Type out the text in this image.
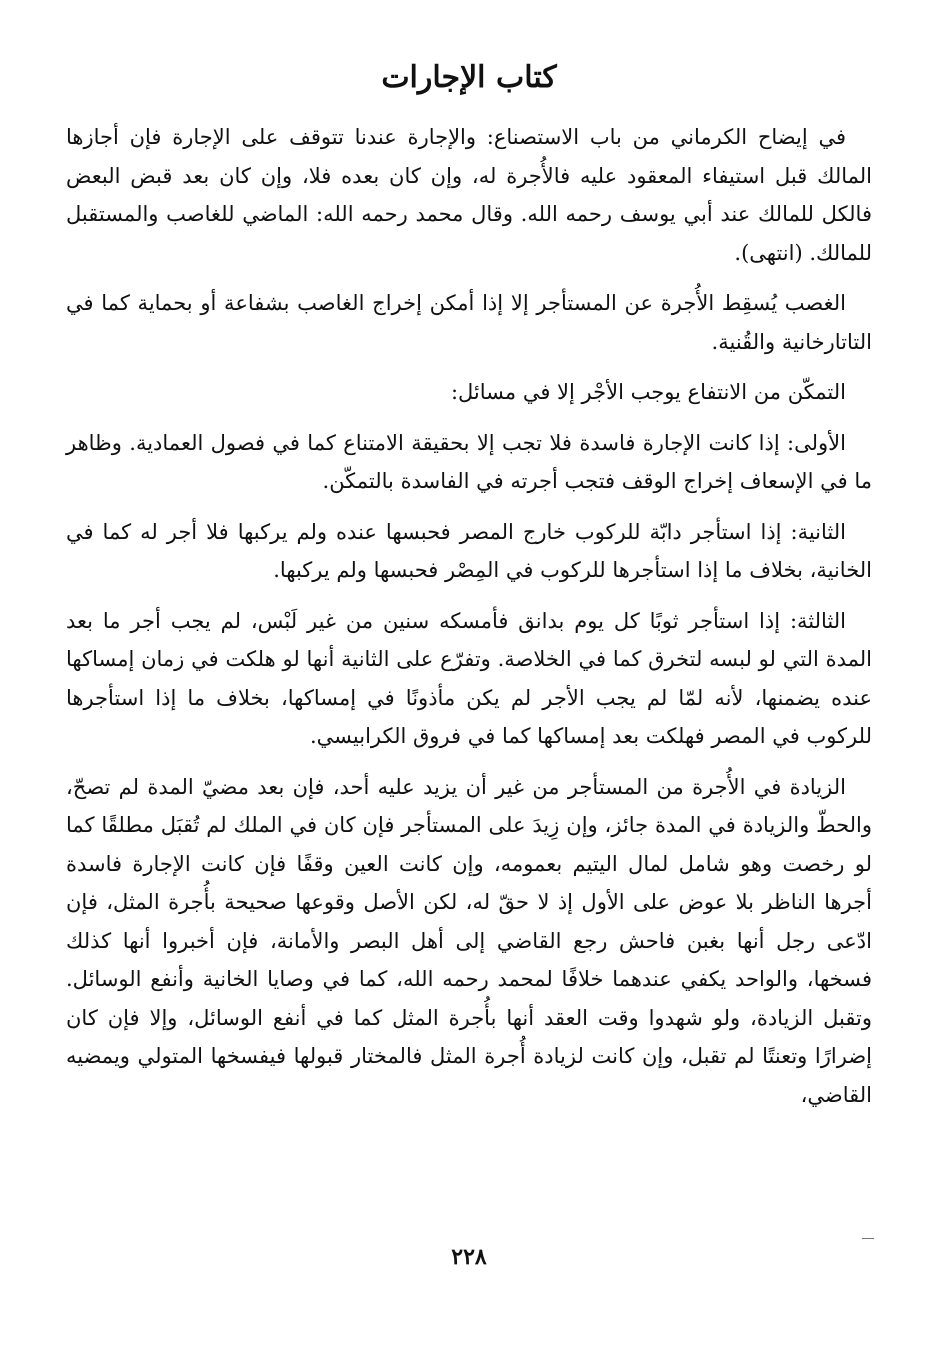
كتاب الإجارات

في إيضاح الكرماني من باب الاستصناع: والإجارة عندنا تتوقف على الإجارة فإن أجازها المالك قبل استيفاء المعقود عليه فالأُجرة له، وإن كان بعده فلا، وإن كان بعد قبض البعض فالكل للمالك عند أبي يوسف رحمه الله. وقال محمد رحمه الله: الماضي للغاصب والمستقبل للمالك. (انتهى).

الغصب يُسقِط الأُجرة عن المستأجر إلا إذا أمكن إخراج الغاصب بشفاعة أو بحماية كما في التاتارخانية والقُنية.

التمكّن من الانتفاع يوجب الأجْر إلا في مسائل:

الأولى: إذا كانت الإجارة فاسدة فلا تجب إلا بحقيقة الامتناع كما في فصول العمادية. وظاهر ما في الإسعاف إخراج الوقف فتجب أجرته في الفاسدة بالتمكّن.

الثانية: إذا استأجر دابّة للركوب خارج المصر فحبسها عنده ولم يركبها فلا أجر له كما في الخانية، بخلاف ما إذا استأجرها للركوب في المِصْر فحبسها ولم يركبها.

الثالثة: إذا استأجر ثوبًا كل يوم بدانق فأمسكه سنين من غير لَبْس، لم يجب أجر ما بعد المدة التي لو لبسه لتخرق كما في الخلاصة. وتفرّع على الثانية أنها لو هلكت في زمان إمساكها عنده يضمنها، لأنه لمّا لم يجب الأجر لم يكن مأذونًا في إمساكها، بخلاف ما إذا استأجرها للركوب في المصر فهلكت بعد إمساكها كما في فروق الكرابيسي.

الزيادة في الأُجرة من المستأجر من غير أن يزيد عليه أحد، فإن بعد مضيّ المدة لم تصحّ، والحطّ والزيادة في المدة جائز، وإن زِيدَ على المستأجر فإن كان في الملك لم تُقبَل مطلقًا كما لو رخصت وهو شامل لمال اليتيم بعمومه، وإن كانت العين وقفًا فإن كانت الإجارة فاسدة أجرها الناظر بلا عوض على الأول إذ لا حقّ له، لكن الأصل وقوعها صحيحة بأُجرة المثل، فإن ادّعى رجل أنها بغبن فاحش رجع القاضي إلى أهل البصر والأمانة، فإن أخبروا أنها كذلك فسخها، والواحد يكفي عندهما خلافًا لمحمد رحمه الله، كما في وصايا الخانية وأنفع الوسائل. وتقبل الزيادة، ولو شهدوا وقت العقد أنها بأُجرة المثل كما في أنفع الوسائل، وإلا فإن كان إضرارًا وتعنتًا لم تقبل، وإن كانت لزيادة أُجرة المثل فالمختار قبولها فيفسخها المتولي ويمضيه القاضي،

٢٢٨
